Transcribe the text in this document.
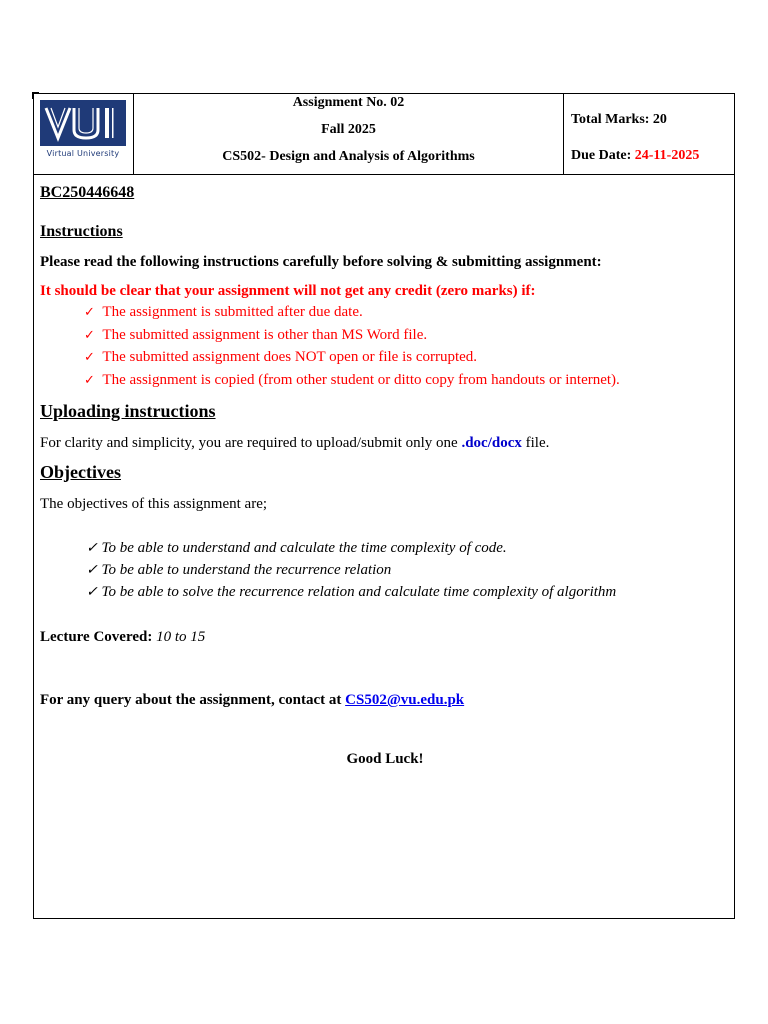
Virtual University
Assignment No. 02
Fall 2025
CS502- Design and Analysis of Algorithms
Total Marks: 20
Due Date: 24-11-2025
BC250446648
Instructions
Please read the following instructions carefully before solving & submitting assignment:
It should be clear that your assignment will not get any credit (zero marks) if:
✓ The assignment is submitted after due date.
✓ The submitted assignment is other than MS Word file.
✓ The submitted assignment does NOT open or file is corrupted.
✓ The assignment is copied (from other student or ditto copy from handouts or internet).
Uploading instructions
For clarity and simplicity, you are required to upload/submit only one .doc/docx file.
Objectives
The objectives of this assignment are;
✓ To be able to understand and calculate the time complexity of code.
✓ To be able to understand the recurrence relation
✓ To be able to solve the recurrence relation and calculate time complexity of algorithm
Lecture Covered: 10 to 15
For any query about the assignment, contact at CS502@vu.edu.pk
Good Luck!
